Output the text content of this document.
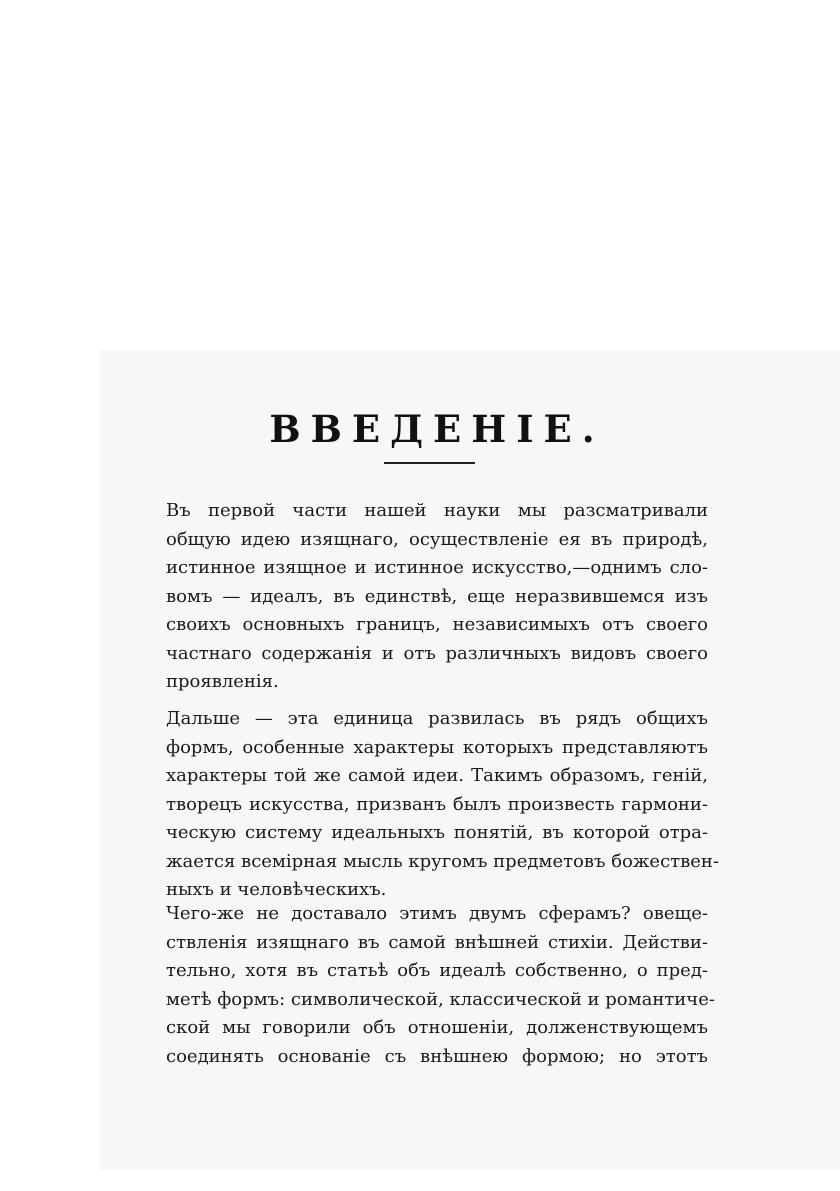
ВВЕДЕНІЕ.

Въ первой части нашей науки мы разсматривали
общую идею изящнаго, осуществленіе ея въ природѣ,
истинное изящное и истинное искусство,—однимъ сло-
вомъ — идеалъ, въ единствѣ, еще неразвившемся изъ
своихъ основныхъ границъ, независимыхъ отъ своего
частнаго содержанія и отъ различныхъ видовъ своего
проявленія.

Дальше — эта единица развилась въ рядъ общихъ
формъ, особенные характеры которыхъ представляютъ
характеры той же самой идеи. Такимъ образомъ, геній,
творецъ искусства, призванъ былъ произвесть гармони-
ческую систему идеальныхъ понятій, въ которой отра-
жается всемірная мысль кругомъ предметовъ божествен-
ныхъ и человѣческихъ.

Чего-же не доставало этимъ двумъ сферамъ? овеще-
ствленія изящнаго въ самой внѣшней стихіи. Действи-
тельно, хотя въ статьѣ объ идеалѣ собственно, о пред-
метѣ формъ: символической, классической и романтиче-
ской мы говорили объ отношеніи, долженствующемъ
соединять основаніе съ внѣшнею формою; но этотъ
